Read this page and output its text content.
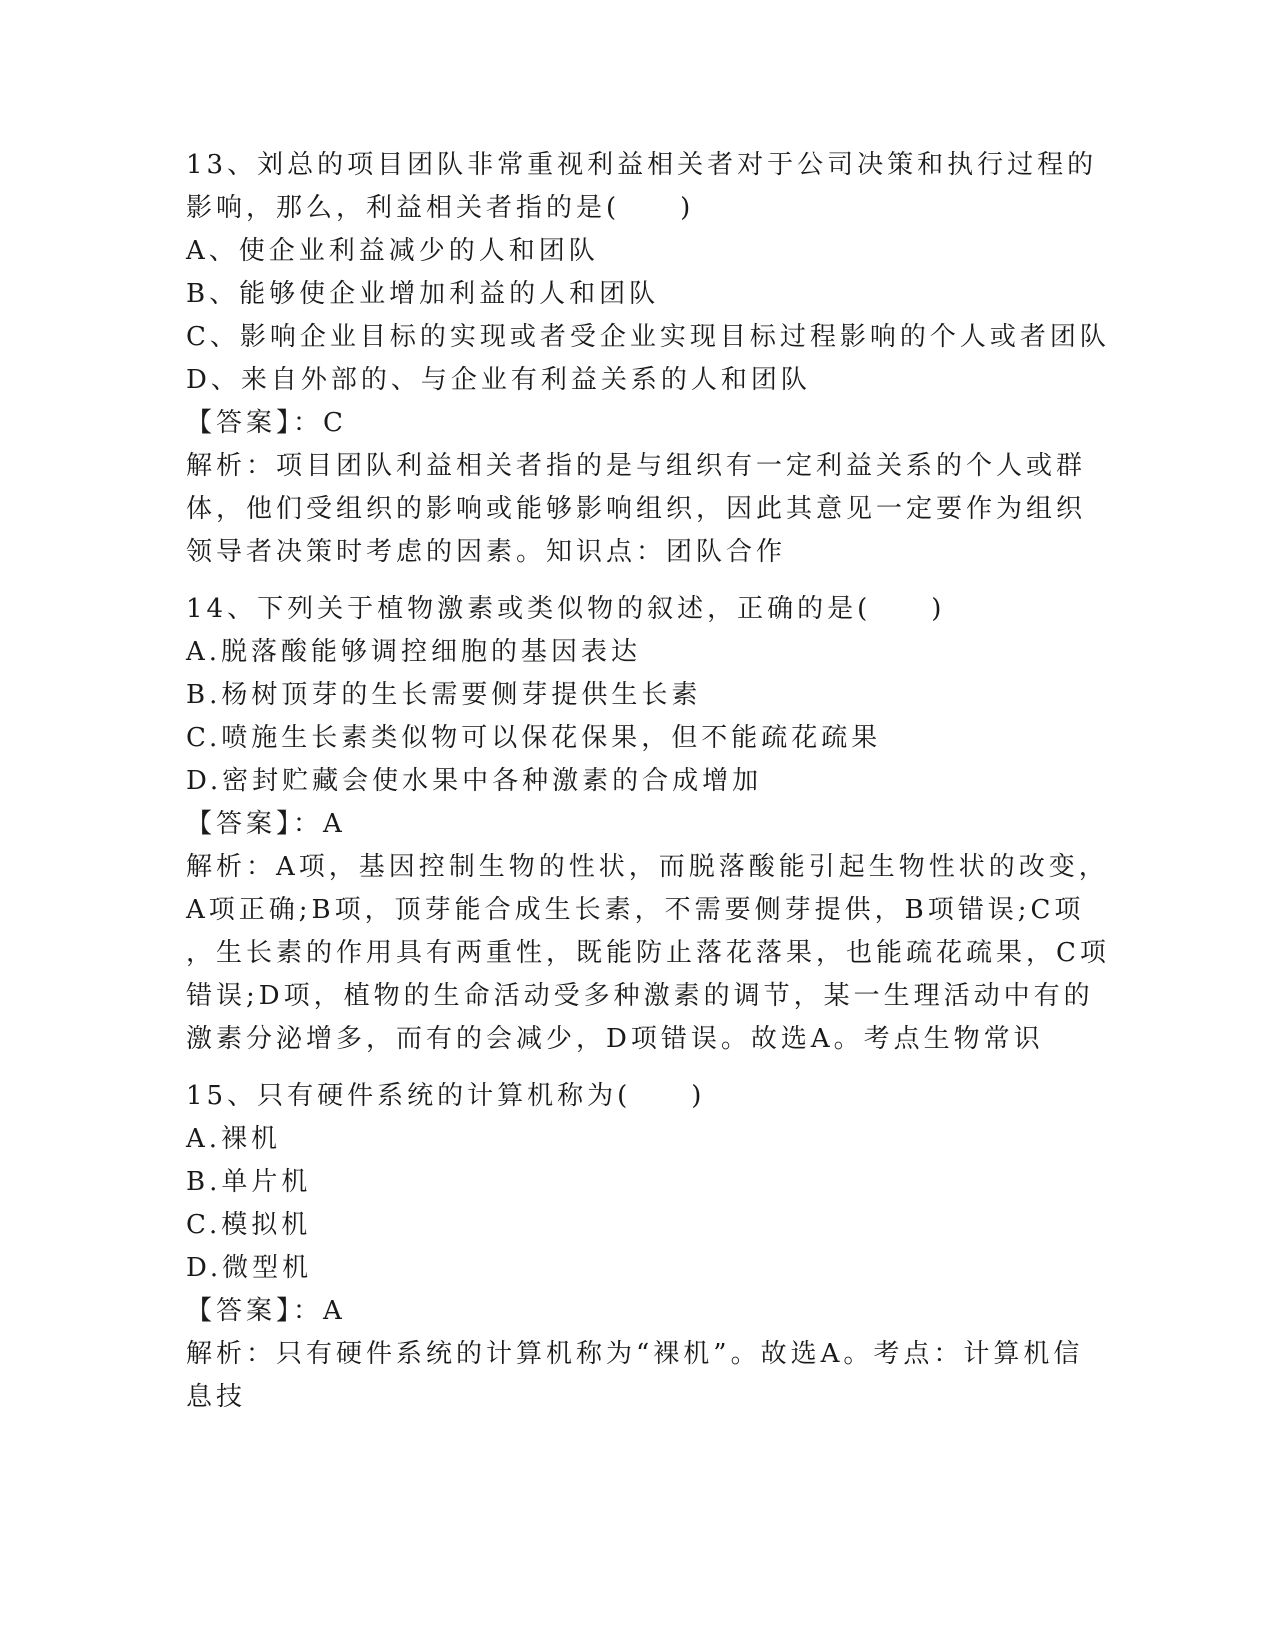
13、刘总的项目团队非常重视利益相关者对于公司决策和执行过程的
影响，那么，利益相关者指的是(　　)
A、使企业利益减少的人和团队
B、能够使企业增加利益的人和团队
C、影响企业目标的实现或者受企业实现目标过程影响的个人或者团队
D、来自外部的、与企业有利益关系的人和团队
【答案】：C
解析：项目团队利益相关者指的是与组织有一定利益关系的个人或群
体，他们受组织的影响或能够影响组织，因此其意见一定要作为组织
领导者决策时考虑的因素。知识点：团队合作
14、下列关于植物激素或类似物的叙述，正确的是(　　)
A.脱落酸能够调控细胞的基因表达
B.杨树顶芽的生长需要侧芽提供生长素
C.喷施生长素类似物可以保花保果，但不能疏花疏果
D.密封贮藏会使水果中各种激素的合成增加
【答案】：A
解析：A项，基因控制生物的性状，而脱落酸能引起生物性状的改变，
A项正确;B项，顶芽能合成生长素，不需要侧芽提供，B项错误;C项
，生长素的作用具有两重性，既能防止落花落果，也能疏花疏果，C项
错误;D项，植物的生命活动受多种激素的调节，某一生理活动中有的
激素分泌增多，而有的会减少，D项错误。故选A。考点生物常识
15、只有硬件系统的计算机称为(　　)
A.裸机
B.单片机
C.模拟机
D.微型机
【答案】：A
解析：只有硬件系统的计算机称为“裸机”。故选A。考点：计算机信
息技
